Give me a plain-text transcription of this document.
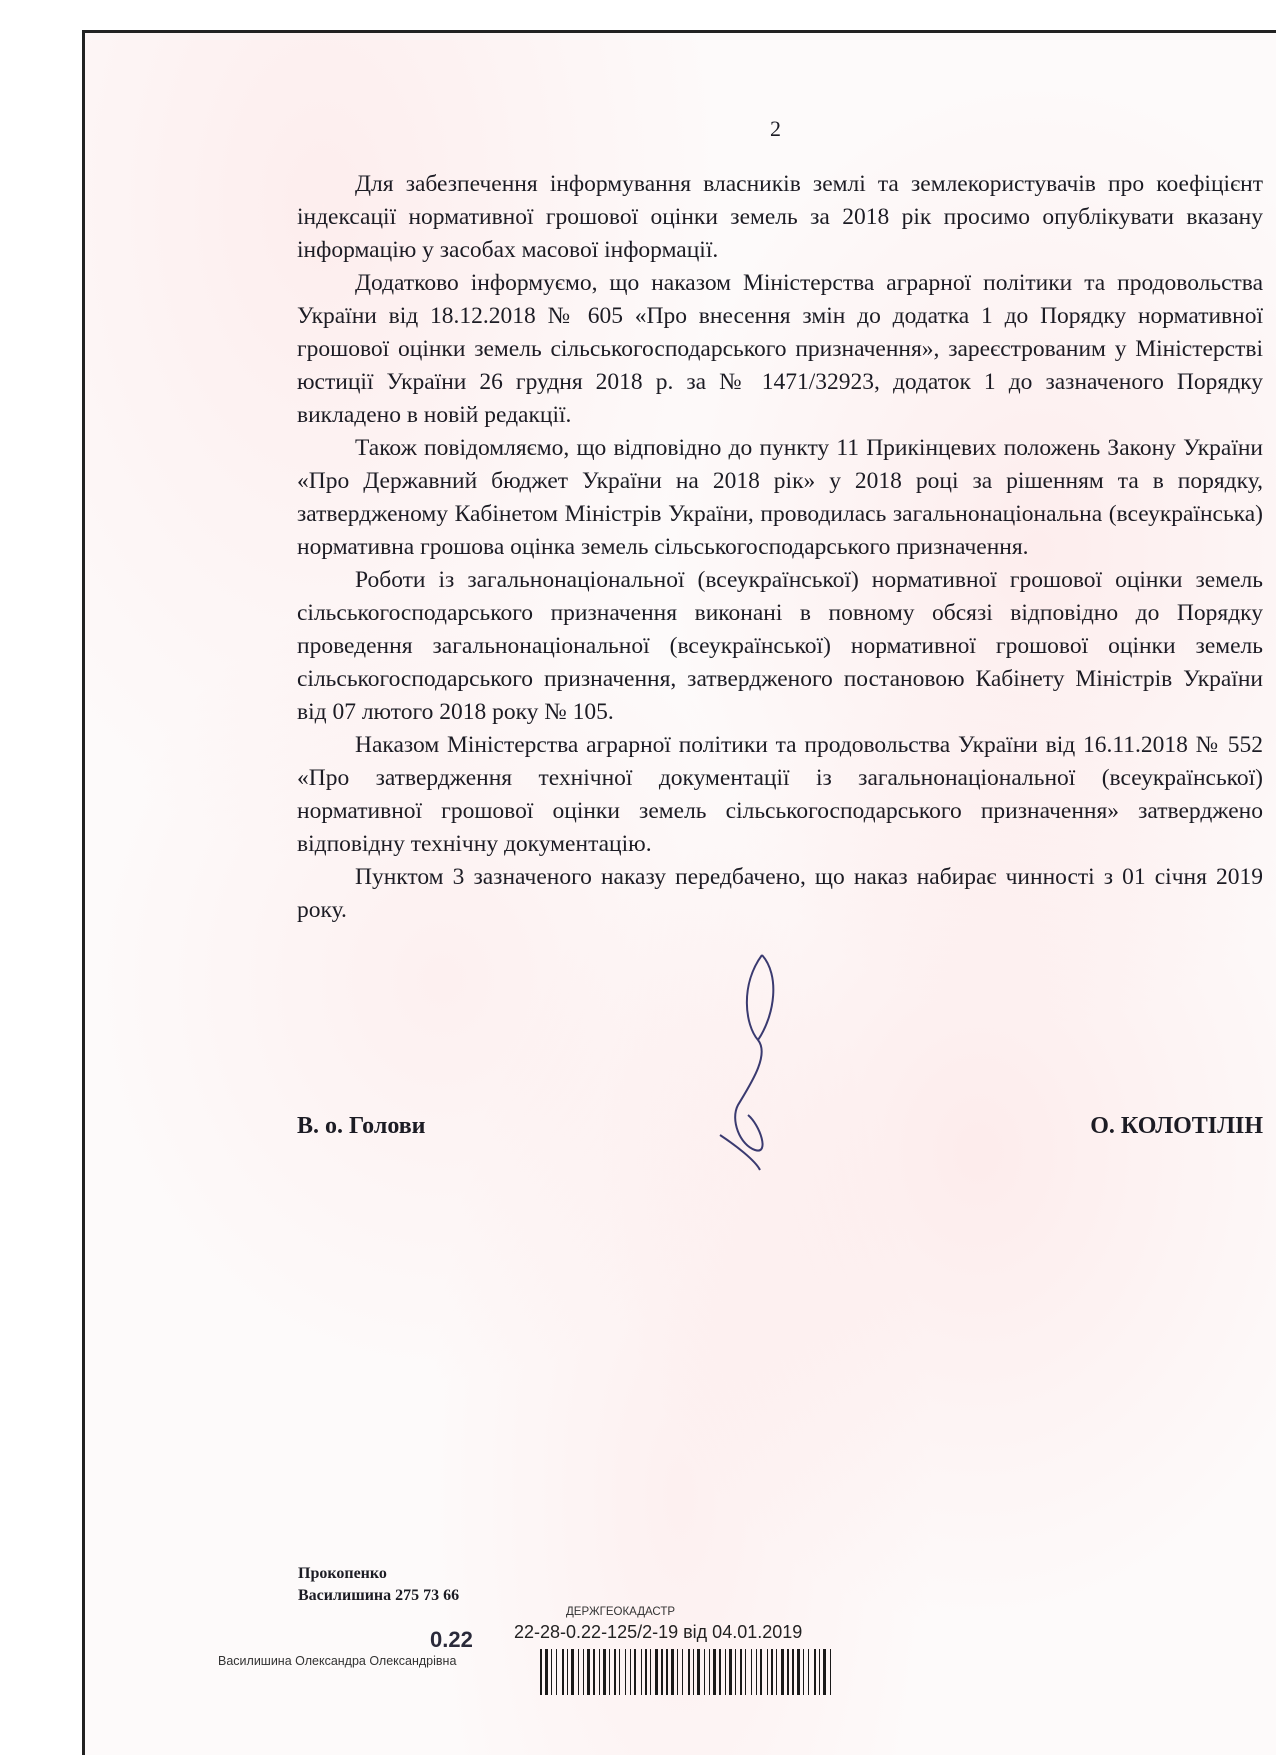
2

Для забезпечення інформування власників землі та землекористувачів про коефіцієнт індексації нормативної грошової оцінки земель за 2018 рік просимо опублікувати вказану інформацію у засобах масової інформації.

Додатково інформуємо, що наказом Міністерства аграрної політики та продовольства України від 18.12.2018 № 605 «Про внесення змін до додатка 1 до Порядку нормативної грошової оцінки земель сільськогосподарського призначення», зареєстрованим у Міністерстві юстиції України 26 грудня 2018 р. за № 1471/32923, додаток 1 до зазначеного Порядку викладено в новій редакції.

Також повідомляємо, що відповідно до пункту 11 Прикінцевих положень Закону України «Про Державний бюджет України на 2018 рік» у 2018 році за рішенням та в порядку, затвердженому Кабінетом Міністрів України, проводилась загальнонаціональна (всеукраїнська) нормативна грошова оцінка земель сільськогосподарського призначення.

Роботи із загальнонаціональної (всеукраїнської) нормативної грошової оцінки земель сільськогосподарського призначення виконані в повному обсязі відповідно до Порядку проведення загальнонаціональної (всеукраїнської) нормативної грошової оцінки земель сільськогосподарського призначення, затвердженого постановою Кабінету Міністрів України від 07 лютого 2018 року № 105.

Наказом Міністерства аграрної політики та продовольства України від 16.11.2018 № 552 «Про затвердження технічної документації із загальнонаціональної (всеукраїнської) нормативної грошової оцінки земель сільськогосподарського призначення» затверджено відповідну технічну документацію.

Пунктом 3 зазначеного наказу передбачено, що наказ набирає чинності з 01 січня 2019 року.

В. о. Голови	О. КОЛОТІЛІН
Прокопенко
Василишина 275 73 66
0.22
Василишина Олександра Олександрівна
ДЕРЖГЕОКАДАСТР
22-28-0.22-125/2-19 від 04.01.2019
